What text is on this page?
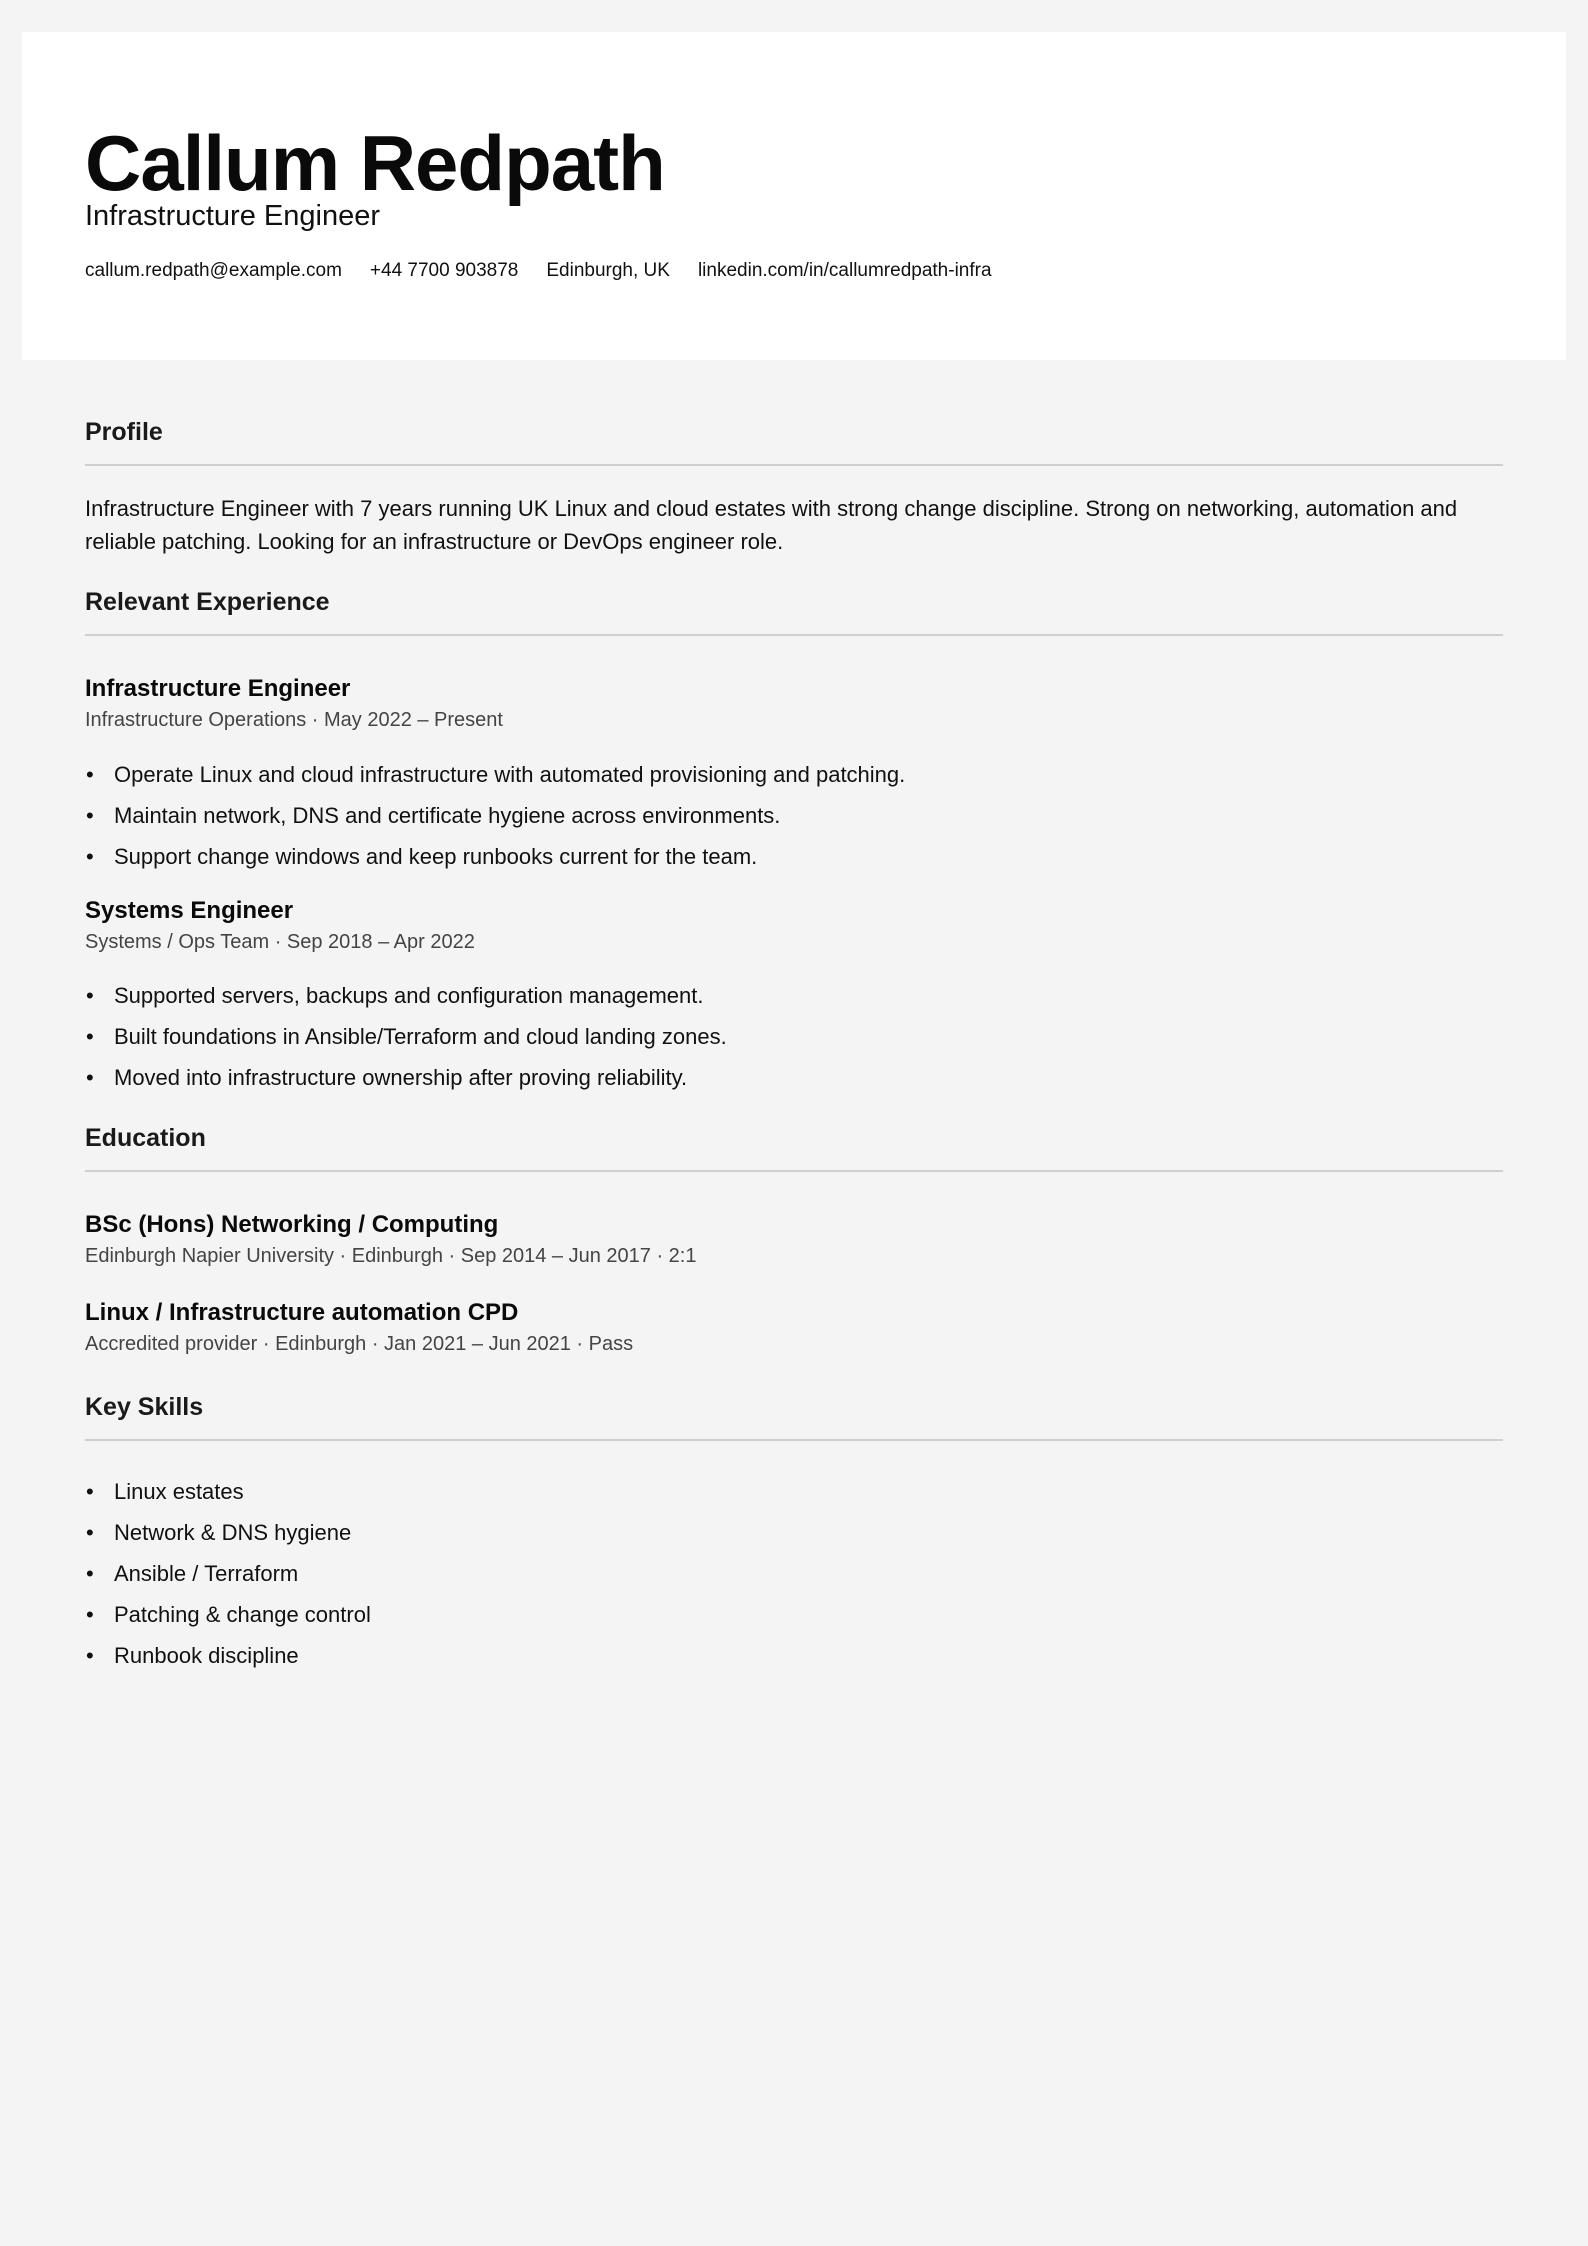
Callum Redpath
Infrastructure Engineer
callum.redpath@example.com +44 7700 903878 Edinburgh, UK linkedin.com/in/callumredpath-infra
Profile
Infrastructure Engineer with 7 years running UK Linux and cloud estates with strong change discipline. Strong on networking, automation and reliable patching. Looking for an infrastructure or DevOps engineer role.
Relevant Experience
Infrastructure Engineer
Infrastructure Operations · May 2022 – Present
• Operate Linux and cloud infrastructure with automated provisioning and patching.
• Maintain network, DNS and certificate hygiene across environments.
• Support change windows and keep runbooks current for the team.
Systems Engineer
Systems / Ops Team · Sep 2018 – Apr 2022
• Supported servers, backups and configuration management.
• Built foundations in Ansible/Terraform and cloud landing zones.
• Moved into infrastructure ownership after proving reliability.
Education
BSc (Hons) Networking / Computing
Edinburgh Napier University · Edinburgh · Sep 2014 – Jun 2017 · 2:1
Linux / Infrastructure automation CPD
Accredited provider · Edinburgh · Jan 2021 – Jun 2021 · Pass
Key Skills
• Linux estates
• Network & DNS hygiene
• Ansible / Terraform
• Patching & change control
• Runbook discipline
